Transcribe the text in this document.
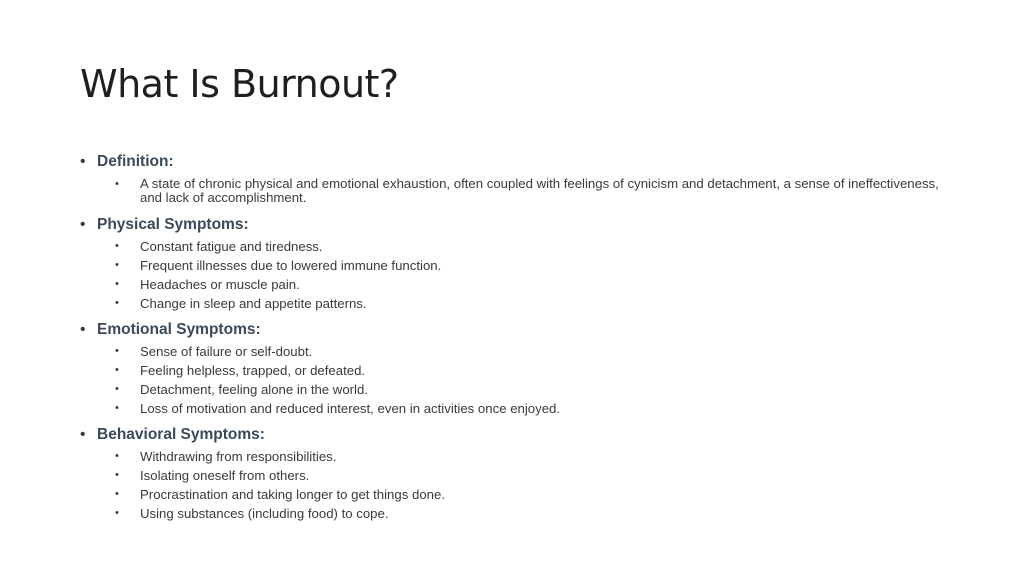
What Is Burnout?
• Definition:
• A state of chronic physical and emotional exhaustion, often coupled with feelings of cynicism and detachment, a sense of ineffectiveness, and lack of accomplishment.
• Physical Symptoms:
• Constant fatigue and tiredness.
• Frequent illnesses due to lowered immune function.
• Headaches or muscle pain.
• Change in sleep and appetite patterns.
• Emotional Symptoms:
• Sense of failure or self-doubt.
• Feeling helpless, trapped, or defeated.
• Detachment, feeling alone in the world.
• Loss of motivation and reduced interest, even in activities once enjoyed.
• Behavioral Symptoms:
• Withdrawing from responsibilities.
• Isolating oneself from others.
• Procrastination and taking longer to get things done.
• Using substances (including food) to cope.
